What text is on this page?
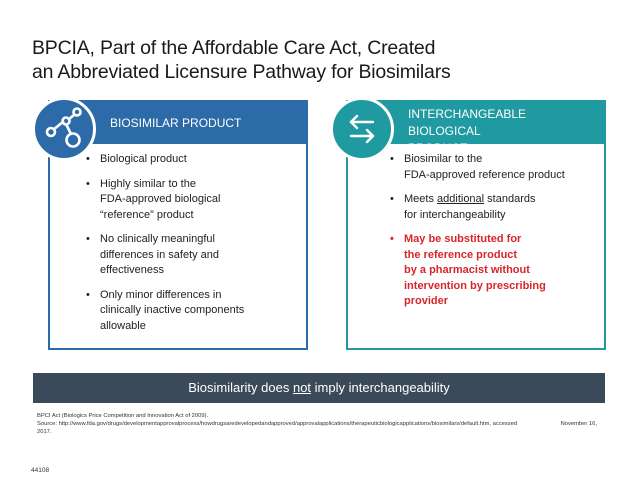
BPCIA, Part of the Affordable Care Act, Created
an Abbreviated Licensure Pathway for Biosimilars
BIOSIMILAR PRODUCT
• Biological product
• Highly similar to the
FDA-approved biological
“reference” product
• No clinically meaningful
differences in safety and
effectiveness
• Only minor differences in
clinically inactive components
allowable
INTERCHANGEABLE BIOLOGICAL
PRODUCT
• Biosimilar to the
FDA-approved reference product
• Meets additional standards
for interchangeability
• May be substituted for
the reference product
by a pharmacist without
intervention by prescribing
provider
Biosimilarity does not imply interchangeability
BPCI Act (Biologics Price Competition and Innovation Act of 2009).
Source: http://www.fda.gov/drugs/developmentapprovalprocess/howdrugsaredevelopedandapproved/approvalapplications/therapeuticbiologicapplications/biosimilars/default.htm, accessed
2017.
November 16,
44108
